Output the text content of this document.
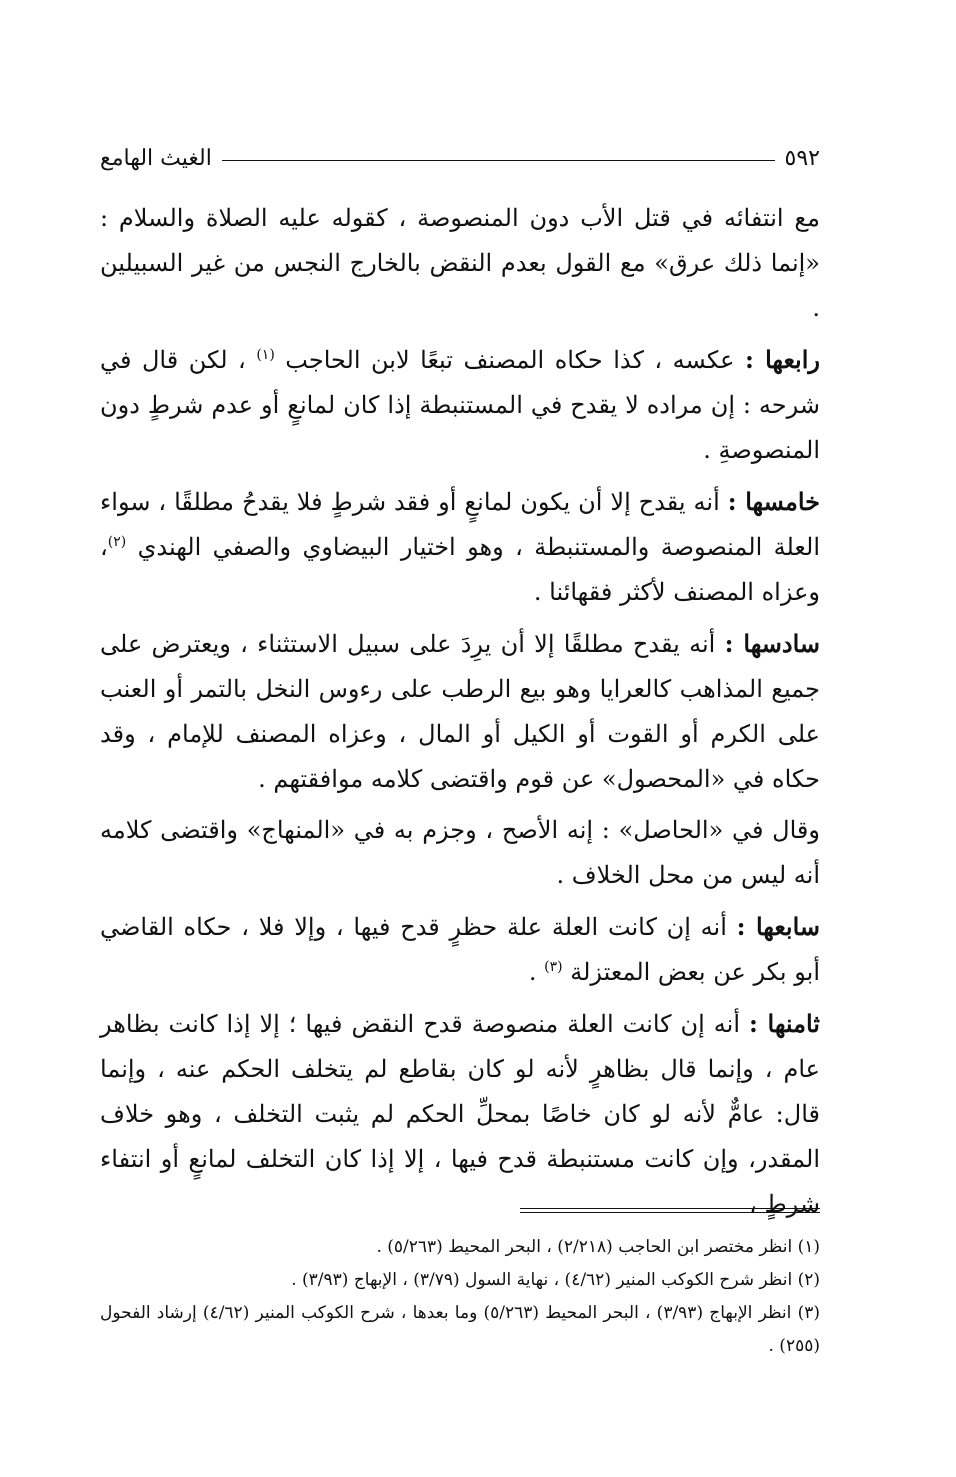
٥٩٢
الغيث الهامع

مع انتفائه في قتل الأب دون المنصوصة ، كقوله عليه الصلاة والسلام : «إنما ذلك عرق» مع القول بعدم النقض بالخارج النجس من غير السبيلين .

رابعها : عكسه ، كذا حكاه المصنف تبعًا لابن الحاجب $^{(١)}$ ، لكن قال في شرحه : إن مراده لا يقدح في المستنبطة إذا كان لمانعٍ أو عدم شرطٍ دون المنصوصةِ .

خامسها : أنه يقدح إلا أن يكون لمانعٍ أو فقد شرطٍ فلا يقدحُ مطلقًا ، سواء العلة المنصوصة والمستنبطة ، وهو اختيار البيضاوي والصفي الهندي $^{(٢)}$، وعزاه المصنف لأكثر فقهائنا .

سادسها : أنه يقدح مطلقًا إلا أن يرِدَ على سبيل الاستثناء ، ويعترض على جميع المذاهب كالعرايا وهو بيع الرطب على رءوس النخل بالتمر أو العنب على الكرم أو القوت أو الكيل أو المال ، وعزاه المصنف للإمام ، وقد حكاه في «المحصول» عن قوم واقتضى كلامه موافقتهم .

وقال في «الحاصل» : إنه الأصح ، وجزم به في «المنهاج» واقتضى كلامه أنه ليس من محل الخلاف .

سابعها : أنه إن كانت العلة علة حظرٍ قدح فيها ، وإلا فلا ، حكاه القاضي أبو بكر عن بعض المعتزلة $^{(٣)}$ .

ثامنها : أنه إن كانت العلة منصوصة قدح النقض فيها ؛ إلا إذا كانت بظاهر عام ، وإنما قال بظاهرٍ لأنه لو كان بقاطع لم يتخلف الحكم عنه ، وإنما قال: عامٌّ لأنه لو كان خاصًا بمحلِّ الحكم لم يثبت التخلف ، وهو خلاف المقدر، وإن كانت مستنبطة قدح فيها ، إلا إذا كان التخلف لمانعٍ أو انتفاء شرطٍ ،

(١) انظر مختصر ابن الحاجب (٢/٢١٨) ، البحر المحيط (٥/٢٦٣) .
(٢) انظر شرح الكوكب المنير (٤/٦٢) ، نهاية السول (٣/٧٩) ، الإبهاج (٣/٩٣) .
(٣) انظر الإبهاج (٣/٩٣) ، البحر المحيط (٥/٢٦٣) وما بعدها ، شرح الكوكب المنير (٤/٦٢) إرشاد الفحول (٢٥٥) .
